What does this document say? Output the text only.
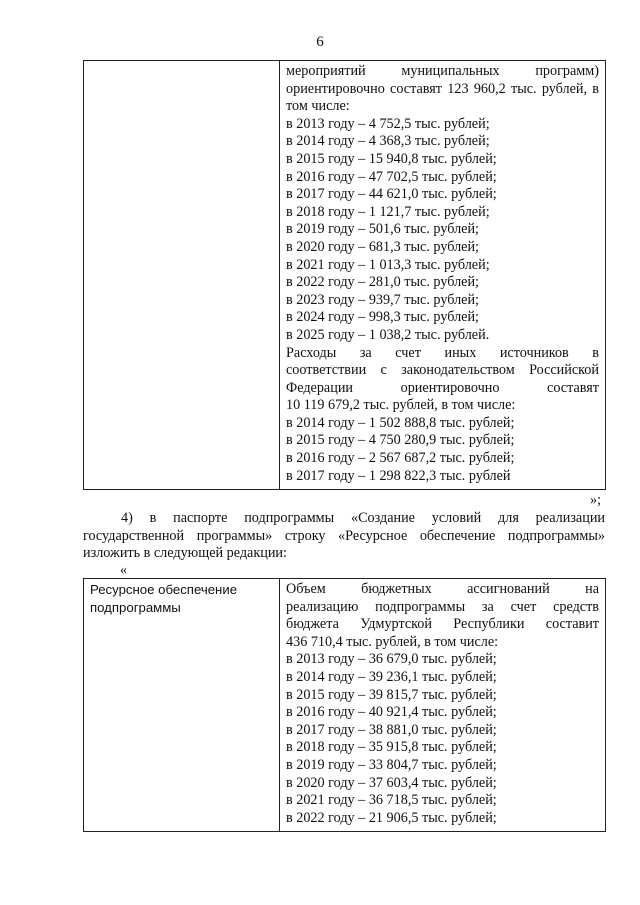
6

мероприятий муниципальных программ)
ориентировочно составят 123 960,2 тыс. рублей, в
том числе:
в 2013 году – 4 752,5 тыс. рублей;
в 2014 году – 4 368,3 тыс. рублей;
в 2015 году – 15 940,8 тыс. рублей;
в 2016 году – 47 702,5 тыс. рублей;
в 2017 году – 44 621,0 тыс. рублей;
в 2018 году – 1 121,7 тыс. рублей;
в 2019 году – 501,6 тыс. рублей;
в 2020 году – 681,3 тыс. рублей;
в 2021 году – 1 013,3 тыс. рублей;
в 2022 году – 281,0 тыс. рублей;
в 2023 году – 939,7 тыс. рублей;
в 2024 году – 998,3 тыс. рублей;
в 2025 году – 1 038,2 тыс. рублей.
Расходы за счет иных источников в
соответствии с законодательством Российской
Федерации ориентировочно составят
10 119 679,2 тыс. рублей, в том числе:
в 2014 году – 1 502 888,8 тыс. рублей;
в 2015 году – 4 750 280,9 тыс. рублей;
в 2016 году – 2 567 687,2 тыс. рублей;
в 2017 году – 1 298 822,3 тыс. рублей
»;
4) в паспорте подпрограммы «Создание условий для реализации
государственной программы» строку «Ресурсное обеспечение подпрограммы»
изложить в следующей редакции:
«
Ресурсное обеспечение
подпрограммы

Объем бюджетных ассигнований на
реализацию подпрограммы за счет средств
бюджета Удмуртской Республики составит
436 710,4 тыс. рублей, в том числе:
в 2013 году – 36 679,0 тыс. рублей;
в 2014 году – 39 236,1 тыс. рублей;
в 2015 году – 39 815,7 тыс. рублей;
в 2016 году – 40 921,4 тыс. рублей;
в 2017 году – 38 881,0 тыс. рублей;
в 2018 году – 35 915,8 тыс. рублей;
в 2019 году – 33 804,7 тыс. рублей;
в 2020 году – 37 603,4 тыс. рублей;
в 2021 году – 36 718,5 тыс. рублей;
в 2022 году – 21 906,5 тыс. рублей;
